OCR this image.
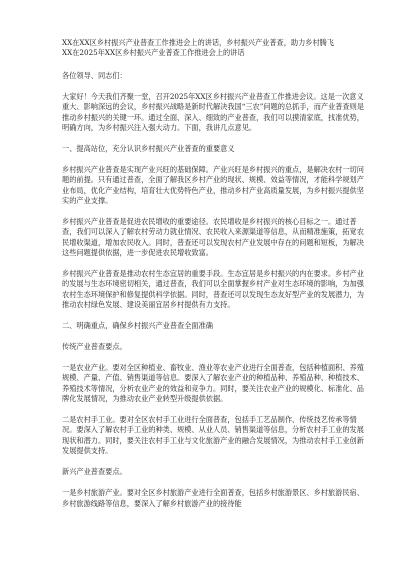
XX在XX区乡村振兴产业普查工作推进会上的讲话，乡村振兴产业普查，助力乡村腾飞

XX在2025年XX区乡村振兴产业普查工作推进会上的讲话

各位领导、同志们：

大家好！今天我们齐聚一堂，召开2025年XX区乡村振兴产业普查工作推进会议。这是一次意义重大、影响深远的会议，乡村振兴战略是新时代解决我国“三农”问题的总抓手，而产业普查则是推动乡村振兴的关键一环。通过全面、深入、细致的产业普查，我们可以摸清家底，找准优势，明确方向，为乡村振兴注入强大动力。下面，我讲几点意见。

一、提高站位，充分认识乡村振兴产业普查的重要意义

乡村振兴产业普查是实现产业兴旺的基础保障。产业兴旺是乡村振兴的重点，是解决农村一切问题的前提。只有通过普查，全面了解我区乡村产业的现状、规模、效益等情况，才能科学规划产业布局，优化产业结构，培育壮大优势特色产业，推动乡村产业高质量发展，为乡村振兴提供坚实的产业支撑。

乡村振兴产业普查是促进农民增收的重要途径。农民增收是乡村振兴的核心目标之一。通过普查，我们可以深入了解农村劳动力就业情况、农民收入来源渠道等信息，从而精准施策，拓宽农民增收渠道，增加农民收入。同时，普查还可以发现农村产业发展中存在的问题和短板，为解决这些问题提供依据，进一步促进农民增收致富。

乡村振兴产业普查是推动农村生态宜居的重要手段。生态宜居是乡村振兴的内在要求。乡村产业的发展与生态环境密切相关，通过普查，我们可以全面掌握乡村产业对生态环境的影响，为加强农村生态环境保护和修复提供科学依据。同时，普查还可以发现生态友好型产业的发展潜力，为推动农村绿色发展、建设美丽宜居乡村提供有力支持。

二、明确重点，确保乡村振兴产业普查全面准确

传统产业普查要点。

一是农业产业。要对全区种植业、畜牧业、渔业等农业产业进行全面普查，包括种植面积、养殖规模、产量、产值、销售渠道等信息。要深入了解农业产业的种植品种、养殖品种、种植技术、养殖技术等情况，分析农业产业的效益和竞争力。同时，要关注农业产业的规模化、标准化、品牌化发展情况，为推动农业产业转型升级提供依据。

二是农村手工业。要对全区农村手工业进行全面普查，包括手工艺品制作、传统技艺传承等情况。要深入了解农村手工业的种类、规模、从业人员、销售渠道等信息，分析农村手工业的发展现状和潜力。同时，要关注农村手工业与文化旅游产业的融合发展情况，为推动农村手工业创新发展提供支持。

新兴产业普查要点。

一是乡村旅游产业。要对全区乡村旅游产业进行全面普查，包括乡村旅游景区、乡村旅游民宿、乡村旅游线路等信息，要深入了解乡村旅游产业的接待能
